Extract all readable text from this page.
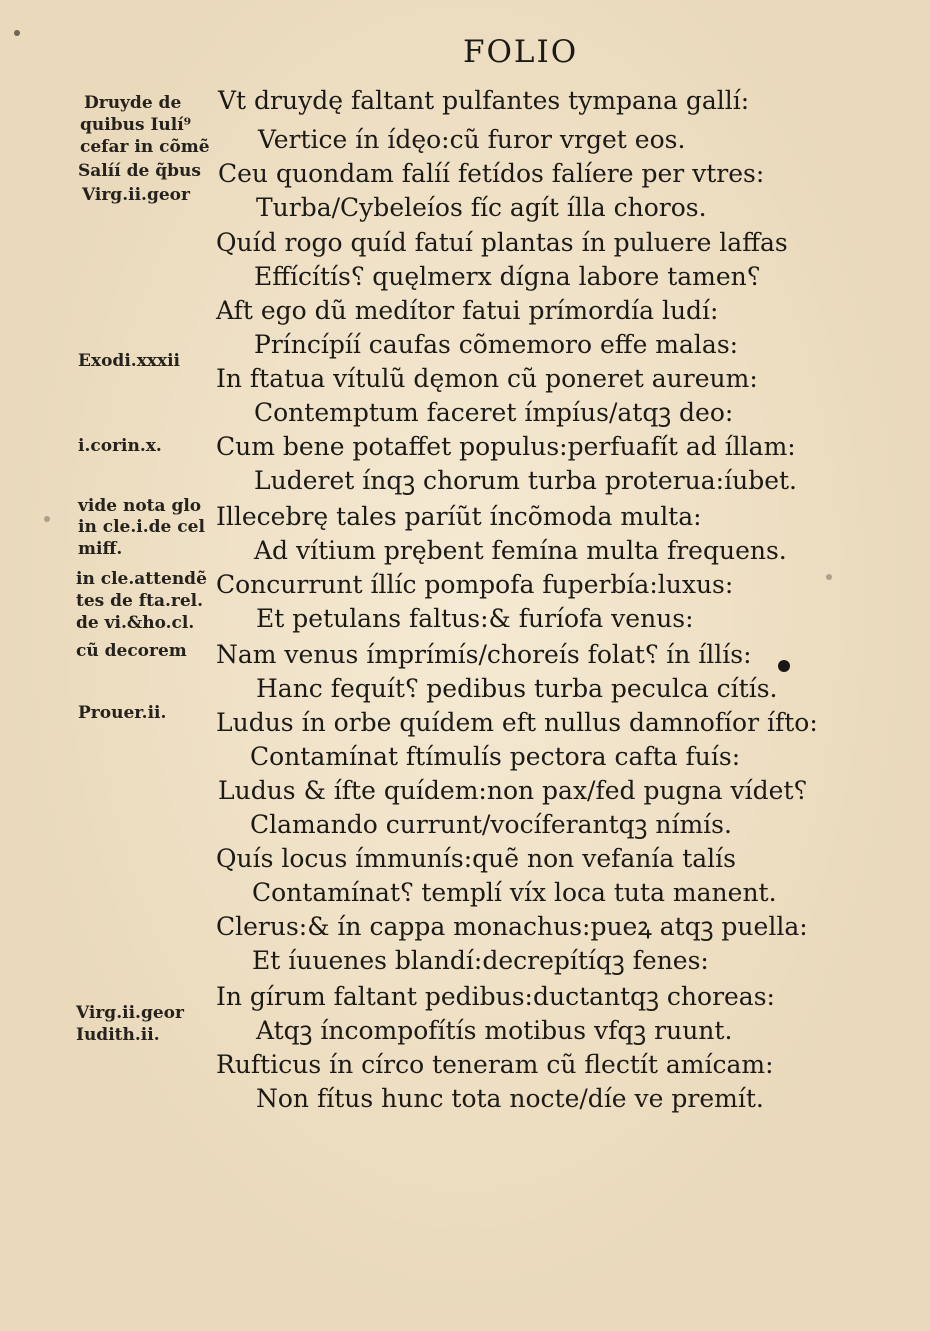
FOLIO
Vt druydę faltant pulfantes tympana gallí:
Vertice ín ídęo:cũ furor vrget eos.
Ceu quondam falíí fetídos falíere per vtres:
Turba/Cybeleíos fíc agít ílla choros.
Quíd rogo quíd fatuí plantas ín puluere laffas
Effícítís⸮ quęlmerx dígna labore tamen⸮
Aft ego dũ medítor fatui prímordía ludí:
Príncípíí caufas cõmemoro effe malas:
In ftatua vítulũ dęmon cũ poneret aureum:
Contemptum faceret ímpíus/atqꝫ deo:
Cum bene potaffet populus:perfuafít ad íllam:
Luderet ínqꝫ chorum turba proterua:íubet.
Illecebrę tales paríũt íncõmoda multa:
Ad vítium prębent femína multa frequens.
Concurrunt íllíc pompofa fuperbía:luxus:
Et petulans faltus:& furíofa venus:
Nam venus ímprímís/choreís folat⸮ ín íllís:
Hanc fequít⸮ pedibus turba peculca cítís.
Ludus ín orbe quídem eft nullus damnofíor ífto:
Contamínat ftímulís pectora cafta fuís:
Ludus & ífte quídem:non pax/fed pugna vídet⸮
Clamando currunt/vocíferantqꝫ nímís.
Quís locus ímmunís:quẽ non vefanía talís
Contamínat⸮ templí víx loca tuta manent.
Clerus:& ín cappa monachus:pueꝝ atqꝫ puella:
Et íuuenes blandí:decrepítíqꝫ fenes:
In gírum faltant pedibus:ductantqꝫ choreas:
Atqꝫ íncompofítís motibus vfqꝫ ruunt.
Rufticus ín círco teneram cũ flectít amícam:
Non fítus hunc tota nocte/díe ve premít.
Druyde de
quibus Iulí⁹
cefar in cõmẽ
Salíí de q̃bus
Virg.ii.geor
Exodi.xxxii
i.corin.x.
vide nota glo
in cle.i.de cel
miff.
in cle.attendẽ
tes de fta.rel.
de vi.&ho.cl.
cũ decorem
Prouer.ii.
Virg.ii.geor
Iudith.ii.
